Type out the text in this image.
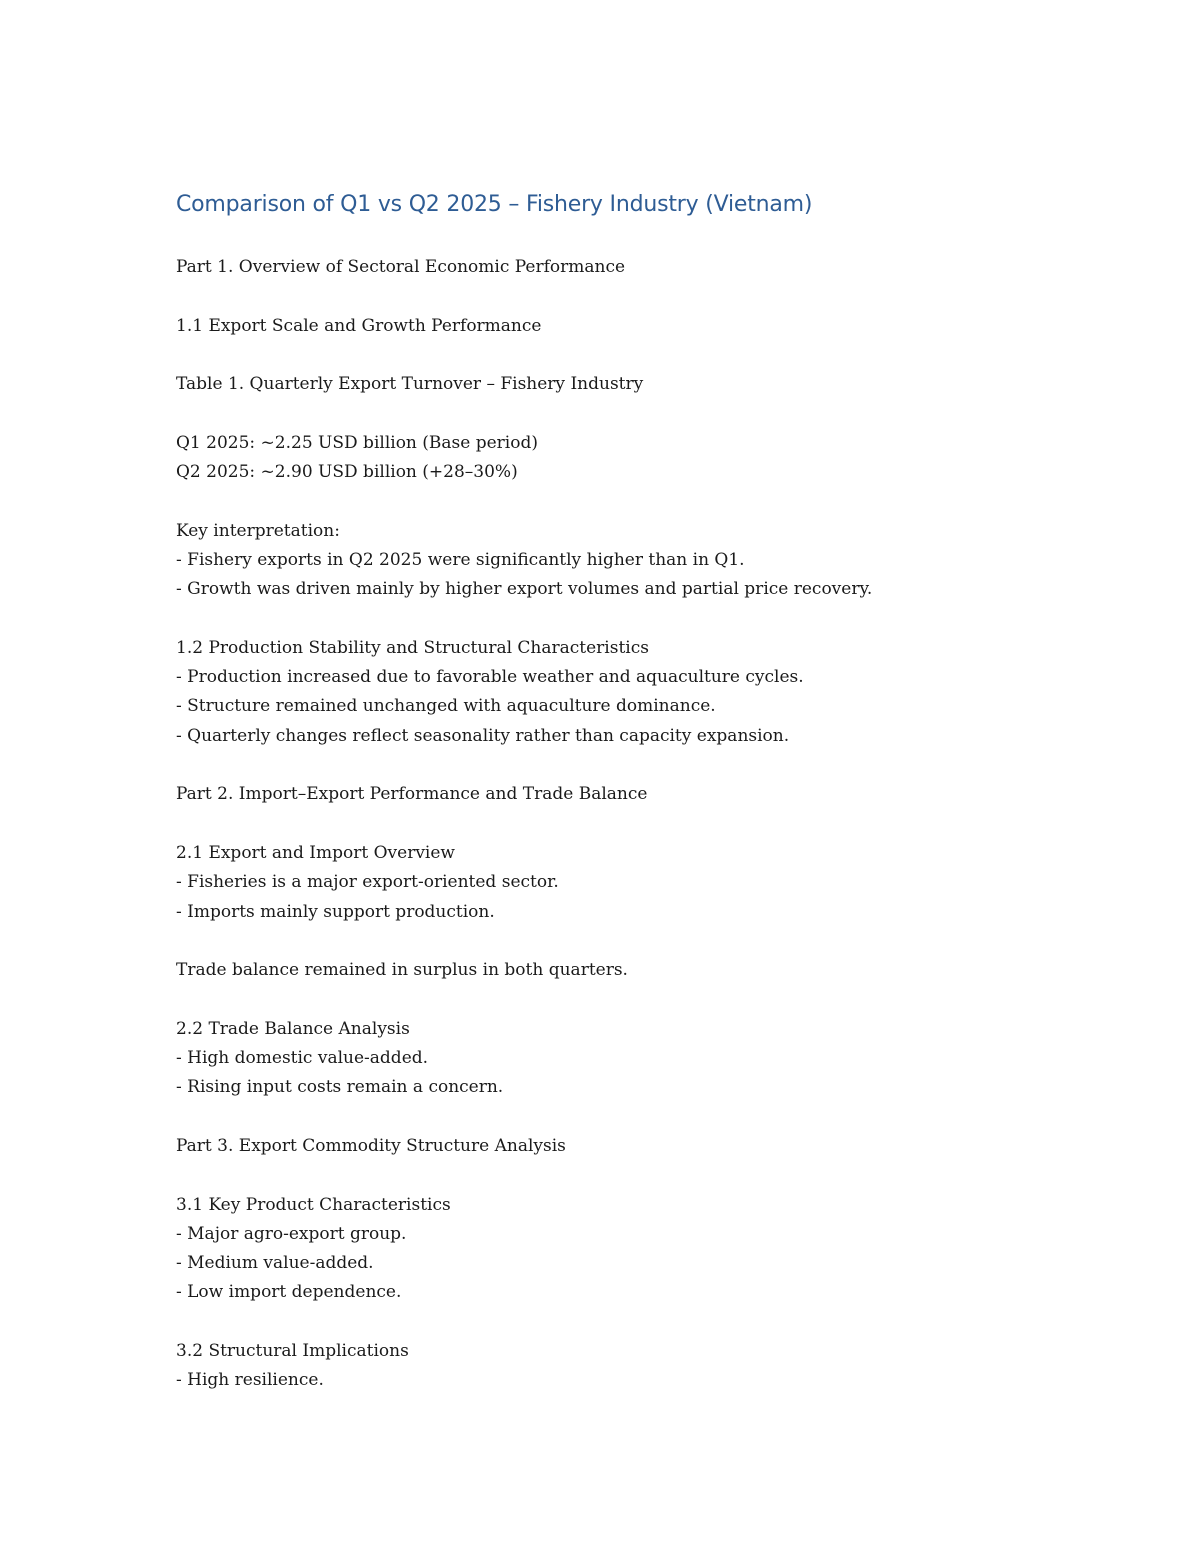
Comparison of Q1 vs Q2 2025 – Fishery Industry (Vietnam)

Part 1. Overview of Sectoral Economic Performance

1.1 Export Scale and Growth Performance

Table 1. Quarterly Export Turnover – Fishery Industry

Q1 2025: ~2.25 USD billion (Base period)

Q2 2025: ~2.90 USD billion (+28–30%)

Key interpretation:

- Fishery exports in Q2 2025 were significantly higher than in Q1.

- Growth was driven mainly by higher export volumes and partial price recovery.

1.2 Production Stability and Structural Characteristics

- Production increased due to favorable weather and aquaculture cycles.

- Structure remained unchanged with aquaculture dominance.

- Quarterly changes reflect seasonality rather than capacity expansion.

Part 2. Import–Export Performance and Trade Balance

2.1 Export and Import Overview

- Fisheries is a major export-oriented sector.

- Imports mainly support production.

Trade balance remained in surplus in both quarters.

2.2 Trade Balance Analysis

- High domestic value-added.

- Rising input costs remain a concern.

Part 3. Export Commodity Structure Analysis

3.1 Key Product Characteristics

- Major agro-export group.

- Medium value-added.

- Low import dependence.

3.2 Structural Implications

- High resilience.
